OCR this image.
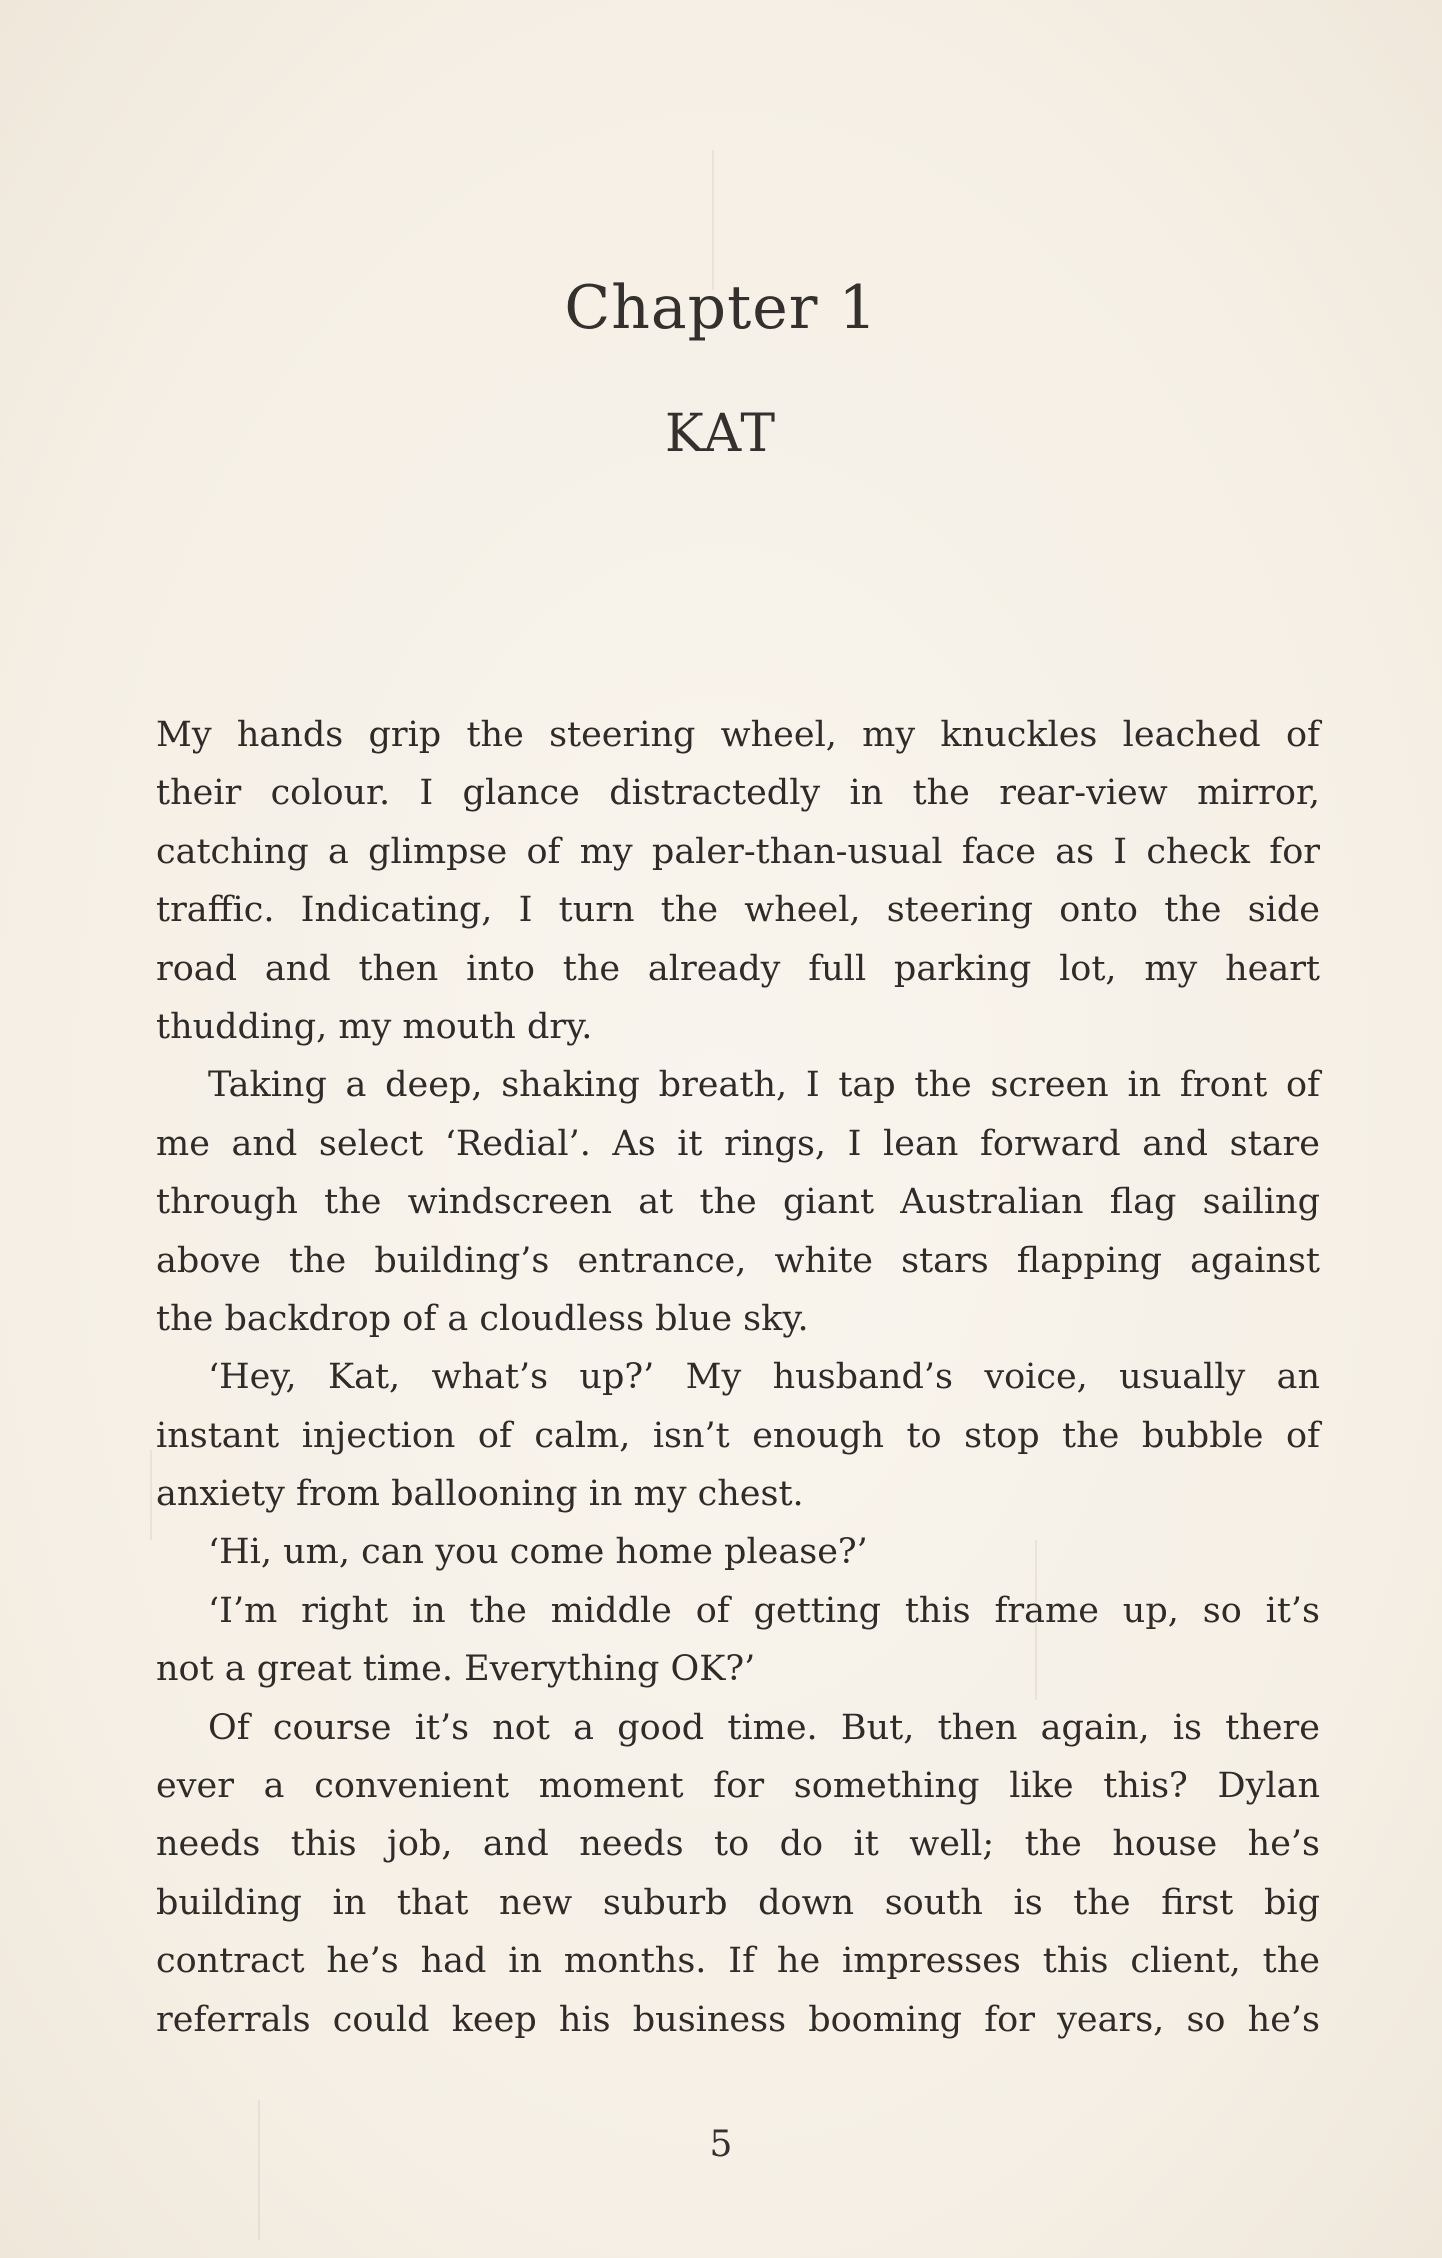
Chapter 1
KAT
My hands grip the steering wheel, my knuckles leached of
their colour. I glance distractedly in the rear-view mirror,
catching a glimpse of my paler-than-usual face as I check for
traffic. Indicating, I turn the wheel, steering onto the side
road and then into the already full parking lot, my heart
thudding, my mouth dry.
Taking a deep, shaking breath, I tap the screen in front of
me and select ‘Redial’. As it rings, I lean forward and stare
through the windscreen at the giant Australian flag sailing
above the building’s entrance, white stars flapping against
the backdrop of a cloudless blue sky.
‘Hey, Kat, what’s up?’ My husband’s voice, usually an
instant injection of calm, isn’t enough to stop the bubble of
anxiety from ballooning in my chest.
‘Hi, um, can you come home please?’
‘I’m right in the middle of getting this frame up, so it’s
not a great time. Everything OK?’
Of course it’s not a good time. But, then again, is there
ever a convenient moment for something like this? Dylan
needs this job, and needs to do it well; the house he’s
building in that new suburb down south is the first big
contract he’s had in months. If he impresses this client, the
referrals could keep his business booming for years, so he’s
5
